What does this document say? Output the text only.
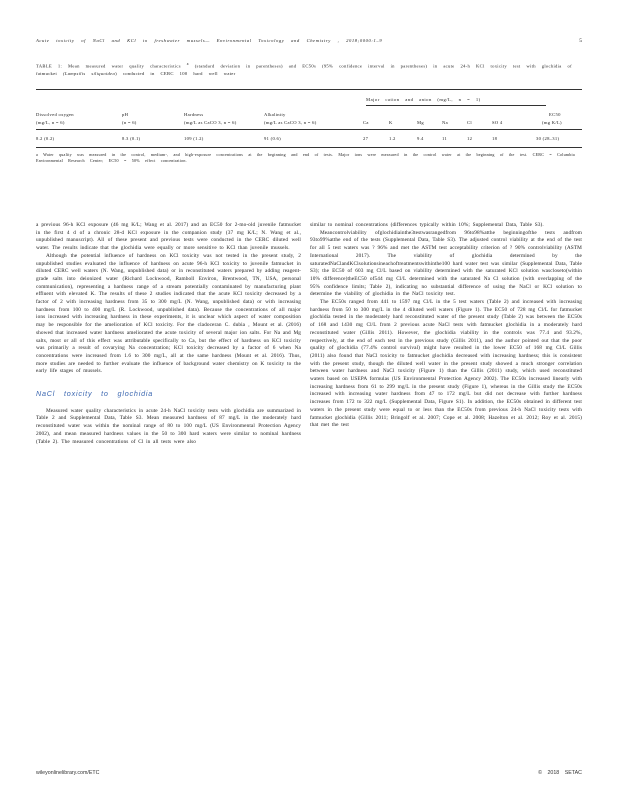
Acute toxicity of NaCl and KCl to freshwater mussels— Environmental Toxicology and Chemistry , 2018;0000:1–9	5
TABLE 1: Mean measured water quality characteristics $^a$ (standard deviation in parentheses) and EC50s (95% confidence interval in parentheses) in acute 24-h KCl toxicity test with glochidia of fatmucket (Lampsilis siliquoidea) conducted in CERC 100 hard well water
Major cation and anion (mg/L, n = 1)
Dissolved oxygen
(mg/L, n = 6)
8.2 (0.2)
pH
(n = 6)
8.3 (0.1)
Hardness
(mg/L as CaCO 3, n = 6)
109 (1.2)
Alkalinity
(mg/L as CaCO 3, n = 6)
91 (0.6)
Ca
27
K
1.2
Mg
9.4
Na
11
Cl
12
SO 4
18
EC50
(mg K/L)
30 (28–31)
a Water quality was measured in the control, medium-, and high-exposure concentrations at the beginning and end of tests. Major ions were measured in the control water at the beginning of the test. CERC = Columbia Environmental Research Center; EC50 = 50% effect concentration.

a previous 96-h KCl exposure (46 mg K/L; Wang et al. 2017) and an EC50 for 2-mo-old juvenile fatmucket in the first 4 d of a chronic 28-d KCl exposure in the companion study (37 mg K/L; N. Wang et al., unpublished manuscript). All of these present and previous tests were conducted in the CERC diluted well water. The results indicate that the glochidia were equally or more sensitive to KCl than juvenile mussels.

Although the potential influence of hardness on KCl toxicity was not tested in the present study, 2 unpublished studies evaluated the influence of hardness on acute 96-h KCl toxicity to juvenile fatmucket in diluted CERC well waters (N. Wang, unpublished data) or in reconstituted waters prepared by adding reagent-grade salts into deionized water (Richard Lockwood, Ramboll Environ, Brentwood, TN, USA, personal communication), representing a hardness range of a stream potentially contaminated by manufacturing plant effluent with elevated K. The results of these 2 studies indicated that the acute KCl toxicity decreased by a factor of 2 with increasing hardness from 35 to 300 mg/L (N. Wang, unpublished data) or with increasing hardness from 100 to 400 mg/L (R. Lockwood, unpublished data). Because the concentrations of all major ions increased with increasing hardness in these experiments, it is unclear which aspect of water composition may be responsible for the amelioration of KCl toxicity. For the cladoceran C. dubia , Mount et al. (2016) showed that increased water hardness ameliorated the acute toxicity of several major ion salts. For Na and Mg salts, most or all of this effect was attributable specifically to Ca, but the effect of hardness on KCl toxicity was primarily a result of covarying Na concentration; KCl toxicity decreased by a factor of 6 when Na concentrations were increased from 1.6 to 300 mg/L, all at the same hardness (Mount et al. 2016). Thus, more studies are needed to further evaluate the influence of background water chemistry on K toxicity to the early life stages of mussels.

NaCl toxicity to glochidia

Measured water quality characteristics in acute 24-h NaCl toxicity tests with glochidia are summarized in Table 2 and Supplemental Data, Table S3. Mean measured hardness of 87 mg/L in the moderately hard reconstituted water was within the nominal range of 80 to 100 mg/L (US Environmental Protection Agency 2002), and mean measured hardness values in the 50 to 300 hard waters were similar to nominal hardness (Table 2). The measured concentrations of Cl in all tests were also

similar to nominal concentrations (differences typically within 10%; Supplemental Data, Table S3).

Meancontrolviability ofglochidiainthe3testwasrangedfrom 96to98%atthe beginningofthe tests andfrom 93to99%atthe end of the tests (Supplemental Data, Table S3). The adjusted control viability at the end of the test for all 5 test waters was ? 96% and met the ASTM test acceptability criterion of ? 90% controlviability (ASTM International 2017). The viability of glochidia determined by the saturatedNaClandKClsolutionsineachoftreatmentswithinthe100 hard water test was similar (Supplemental Data, Table S3); the EC50 of 603 mg Cl/L based on viability determined with the saturated KCl solution wascloseto(within 10% difference)theEC50 of544 mg Cl/L determined with the saturated Na Cl solution (with overlapping of the 95% confidence limits; Table 2), indicating no substantial difference of using the NaCl or KCl solution to determine the viability of glochidia in the NaCl toxicity test.

The EC50s ranged from 441 to 1597 mg Cl/L in the 5 test waters (Table 2) and increased with increasing hardness from 50 to 300 mg/L in the 4 diluted well waters (Figure 1). The EC50 of 728 mg Cl/L for fatmucket glochidia tested in the moderately hard reconstituted water of the present study (Table 2) was between the EC50s of 168 and 1430 mg Cl/L from 2 previous acute NaCl tests with fatmucket glochidia in a moderately hard reconstituted water (Gillis 2011). However, the glochidia viability in the controls was 77.4 and 93.2%, respectively, at the end of each test in the previous study (Gillis 2011), and the author pointed out that the poor quality of glochidia (77.4% control survival) might have resulted in the lower EC50 of 168 mg Cl/L Gillis (2011) also found that NaCl toxicity to fatmucket glochidia decreased with increasing hardness; this is consistent with the present study, though the diluted well water in the present study showed a much stronger correlation between water hardness and NaCl toxicity (Figure 1) than the Gillis (2011) study, which used reconstituted waters based on USEPA formulas (US Environmental Protection Agency 2002). The EC50s increased linearly with increasing hardness from 61 to 299 mg/L in the present study (Figure 1), whereas in the Gillis study the EC50s increased with increasing water hardness from 47 to 172 mg/L but did not decrease with further hardness increases from 172 to 322 mg/L (Supplemental Data, Figure S1). In addition, the EC50s obtained in different test waters in the present study were equal to or less than the EC50s from previous 24-h NaCl toxicity tests with fatmucket glochidia (Gillis 2011; Bringolf et al. 2007; Cope et al. 2008; Hazelton et al. 2012; Roy et al. 2015) that met the test

wileyonlinelibrary.com/ETC	© 2018 SETAC
